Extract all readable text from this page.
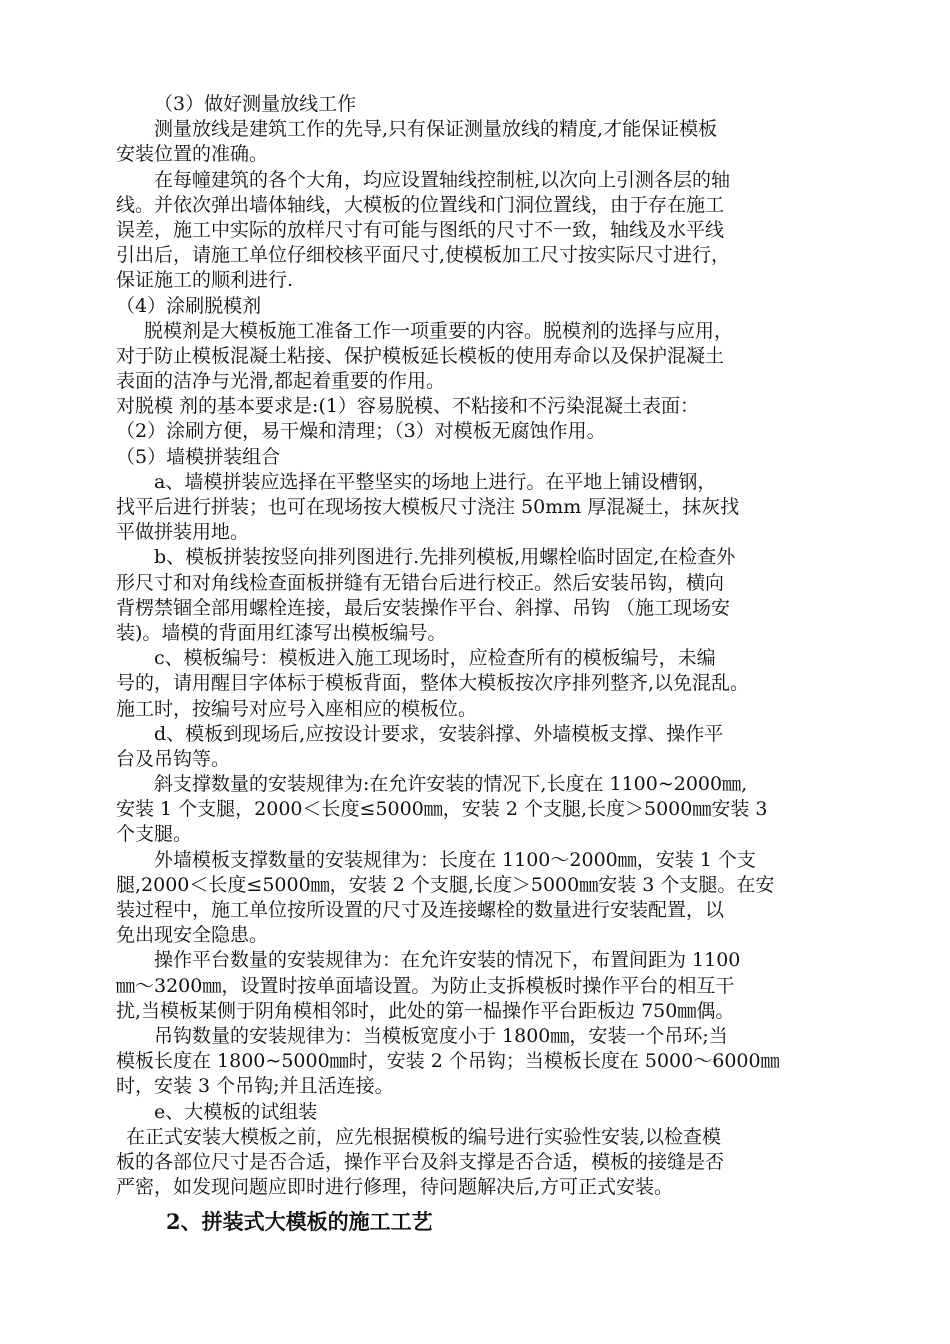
（3）做好测量放线工作
测量放线是建筑工作的先导,只有保证测量放线的精度,才能保证模板
安装位置的准确。
在每幢建筑的各个大角，均应设置轴线控制桩,以次向上引测各层的轴
线。并依次弹出墙体轴线，大模板的位置线和门洞位置线，由于存在施工
误差，施工中实际的放样尺寸有可能与图纸的尺寸不一致，轴线及水平线
引出后，请施工单位仔细校核平面尺寸,使模板加工尺寸按实际尺寸进行，
保证施工的顺利进行.
（4）涂刷脱模剂
脱模剂是大模板施工准备工作一项重要的内容。脱模剂的选择与应用，
对于防止模板混凝土粘接、保护模板延长模板的使用寿命以及保护混凝土
表面的洁净与光滑,都起着重要的作用。
对脱模 剂的基本要求是:(1）容易脱模、不粘接和不污染混凝土表面：
（2）涂刷方便，易干燥和清理；（3）对模板无腐蚀作用。
（5）墙模拼装组合
a、墙模拼装应选择在平整坚实的场地上进行。在平地上铺设槽钢，
找平后进行拼装；也可在现场按大模板尺寸浇注 50mm 厚混凝土，抹灰找
平做拼装用地。
b、模板拼装按竖向排列图进行.先排列模板,用螺栓临时固定,在检查外
形尺寸和对角线检查面板拼缝有无错台后进行校正。然后安装吊钩，横向
背楞禁锢全部用螺栓连接，最后安装操作平台、斜撑、吊钩 （施工现场安
装)。墙模的背面用红漆写出模板编号。
c、模板编号：模板进入施工现场时，应检查所有的模板编号，未编
号的，请用醒目字体标于模板背面，整体大模板按次序排列整齐,以免混乱。
施工时，按编号对应号入座相应的模板位。
d、模板到现场后,应按设计要求，安装斜撑、外墙模板支撑、操作平
台及吊钩等。
斜支撑数量的安装规律为:在允许安装的情况下,长度在 1100~2000㎜,
安装 1 个支腿，2000＜长度≤5000㎜，安装 2 个支腿,长度＞5000㎜安装 3
个支腿。
外墙模板支撑数量的安装规律为：长度在 1100～2000㎜，安装 1 个支
腿,2000＜长度≤5000㎜，安装 2 个支腿,长度＞5000㎜安装 3 个支腿。在安
装过程中，施工单位按所设置的尺寸及连接螺栓的数量进行安装配置，以
免出现安全隐患。
操作平台数量的安装规律为：在允许安装的情况下，布置间距为 1100
㎜～3200㎜，设置时按单面墙设置。为防止支拆模板时操作平台的相互干
扰,当模板某侧于阴角模相邻时，此处的第一榀操作平台距板边 750㎜偶。
吊钩数量的安装规律为：当模板宽度小于 1800㎜，安装一个吊环;当
模板长度在 1800~5000㎜时，安装 2 个吊钩；当模板长度在 5000～6000㎜
时，安装 3 个吊钩;并且活连接。
e、大模板的试组装
在正式安装大模板之前，应先根据模板的编号进行实验性安装,以检查模
板的各部位尺寸是否合适，操作平台及斜支撑是否合适，模板的接缝是否
严密，如发现问题应即时进行修理，待问题解决后,方可正式安装。
2、拼装式大模板的施工工艺
